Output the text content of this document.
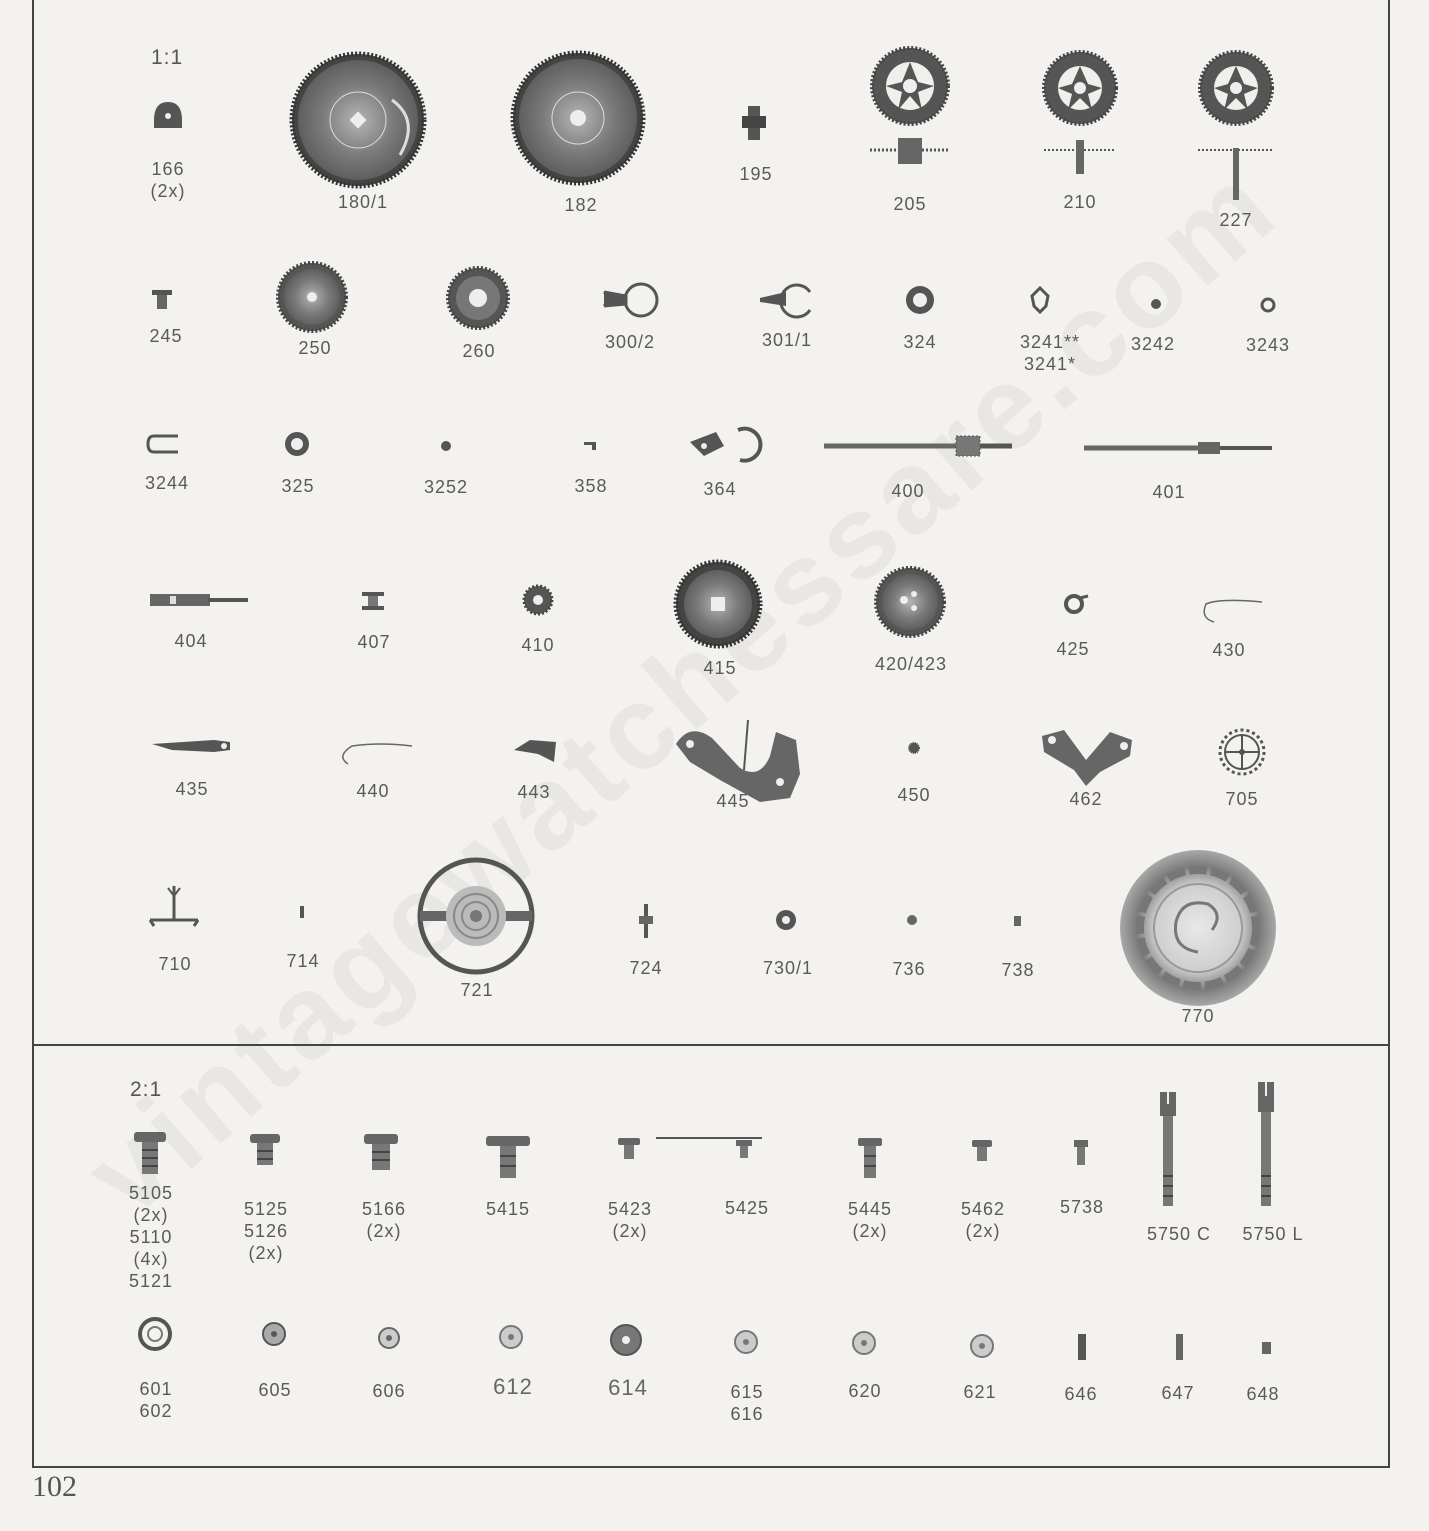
1:1
2:1
166
(2x)
180/1	182
195
205	210
227
245
250	260	300/2	301/1	324	3241**
3241*
3242	3243
3244	325	3252	358	364	400	401
404	407	410
415	420/423
425	430
435	440	443	445	450	462	705
710	714
721
724	730/1	736	738
770
5105
(2x)
5110
(4x)
5121
5125
5126
(2x)
5166
(2x)
5415	5423
(2x)
5425	5445
(2x)
5462
(2x)
5738
5750 C 5750 L
601
602
605	606	612	614	615
616
620	621	646	647	648
102
